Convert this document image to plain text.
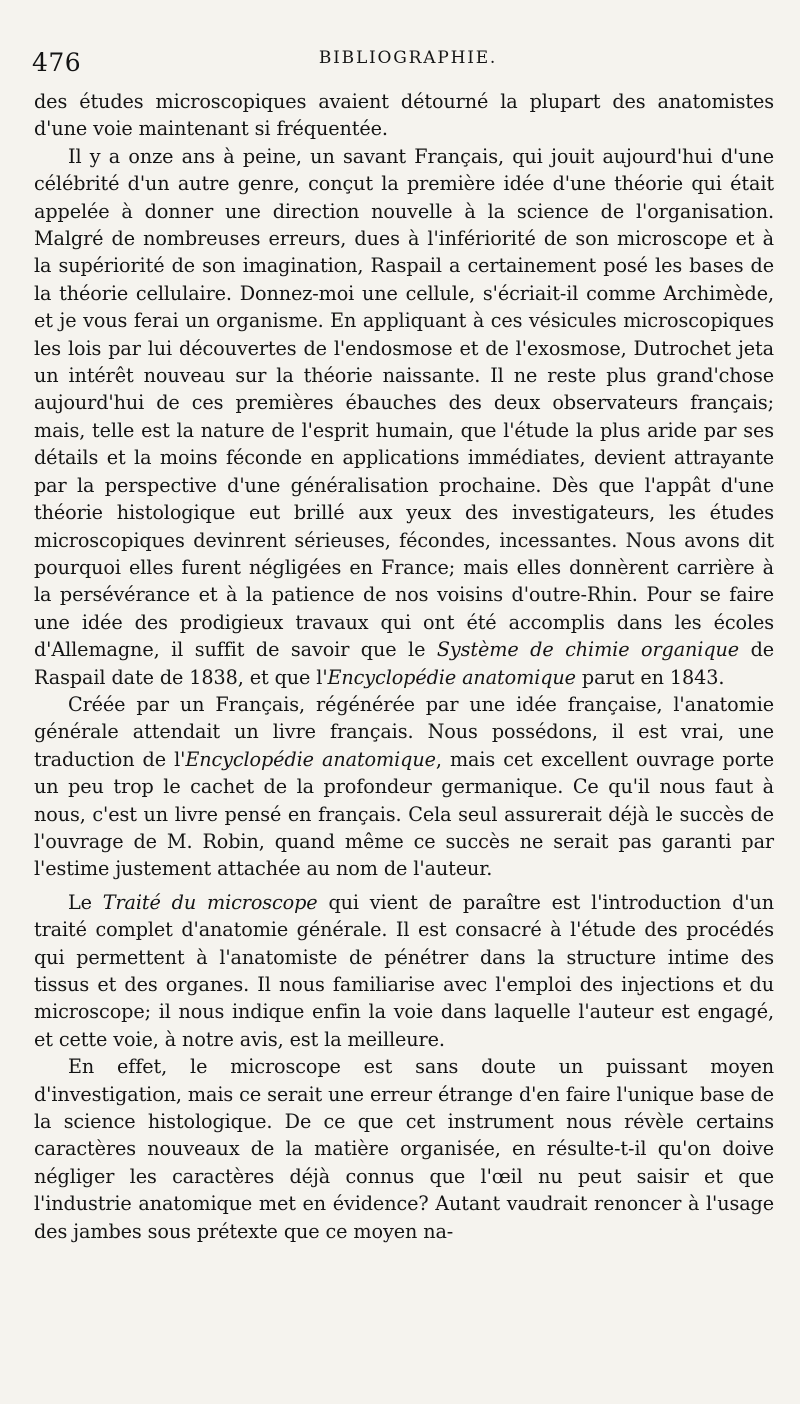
476	BIBLIOGRAPHIE.

des études microscopiques avaient détourné la plupart des anatomistes d'une voie maintenant si fréquentée.

Il y a onze ans à peine, un savant Français, qui jouit aujourd'hui d'une célébrité d'un autre genre, conçut la première idée d'une théorie qui était appelée à donner une direction nouvelle à la science de l'organisation. Malgré de nombreuses erreurs, dues à l'infériorité de son microscope et à la supériorité de son imagination, Raspail a certainement posé les bases de la théorie cellulaire. Donnez-moi une cellule, s'écriait-il comme Archimède, et je vous ferai un organisme. En appliquant à ces vésicules microscopiques les lois par lui découvertes de l'endosmose et de l'exosmose, Dutrochet jeta un intérêt nouveau sur la théorie naissante. Il ne reste plus grand'chose aujourd'hui de ces premières ébauches des deux observateurs français; mais, telle est la nature de l'esprit humain, que l'étude la plus aride par ses détails et la moins féconde en applications immédiates, devient attrayante par la perspective d'une généralisation prochaine. Dès que l'appât d'une théorie histologique eut brillé aux yeux des investigateurs, les études microscopiques devinrent sérieuses, fécondes, incessantes. Nous avons dit pourquoi elles furent négligées en France; mais elles donnèrent carrière à la persévérance et à la patience de nos voisins d'outre-Rhin. Pour se faire une idée des prodigieux travaux qui ont été accomplis dans les écoles d'Allemagne, il suffit de savoir que le Système de chimie organique de Raspail date de 1838, et que l'Encyclopédie anatomique parut en 1843.

Créée par un Français, régénérée par une idée française, l'anatomie générale attendait un livre français. Nous possédons, il est vrai, une traduction de l'Encyclopédie anatomique, mais cet excellent ouvrage porte un peu trop le cachet de la profondeur germanique. Ce qu'il nous faut à nous, c'est un livre pensé en français. Cela seul assurerait déjà le succès de l'ouvrage de M. Robin, quand même ce succès ne serait pas garanti par l'estime justement attachée au nom de l'auteur.

Le Traité du microscope qui vient de paraître est l'introduction d'un traité complet d'anatomie générale. Il est consacré à l'étude des procédés qui permettent à l'anatomiste de pénétrer dans la structure intime des tissus et des organes. Il nous familiarise avec l'emploi des injections et du microscope; il nous indique enfin la voie dans laquelle l'auteur est engagé, et cette voie, à notre avis, est la meilleure.

En effet, le microscope est sans doute un puissant moyen d'investigation, mais ce serait une erreur étrange d'en faire l'unique base de la science histologique. De ce que cet instrument nous révèle certains caractères nouveaux de la matière organisée, en résulte-t-il qu'on doive négliger les caractères déjà connus que l'œil nu peut saisir et que l'industrie anatomique met en évidence? Autant vaudrait renoncer à l'usage des jambes sous prétexte que ce moyen na-
